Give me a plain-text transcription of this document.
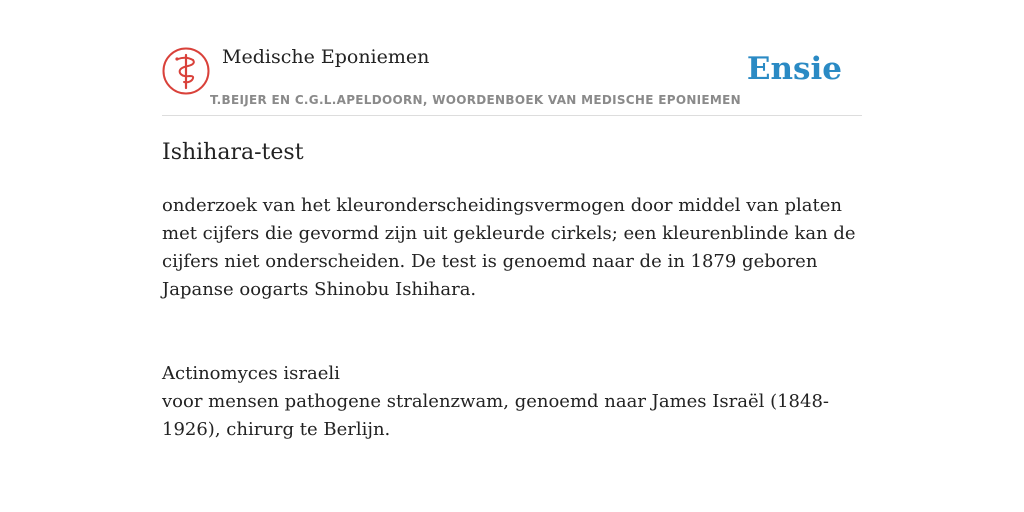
Medische Eponiemen
T.BEIJER EN C.G.L.APELDOORN, WOORDENBOEK VAN MEDISCHE EPONIEMEN
Ensie
Ishihara-test
onderzoek van het kleuronderscheidingsvermogen door middel van platen met cijfers die gevormd zijn uit gekleurde cirkels; een kleurenblinde kan de cijfers niet onderscheiden. De test is genoemd naar de in 1879 geboren Japanse oogarts Shinobu Ishihara.
Actinomyces israeli
voor mensen pathogene stralenzwam, genoemd naar James Israël (1848-1926), chirurg te Berlijn.
